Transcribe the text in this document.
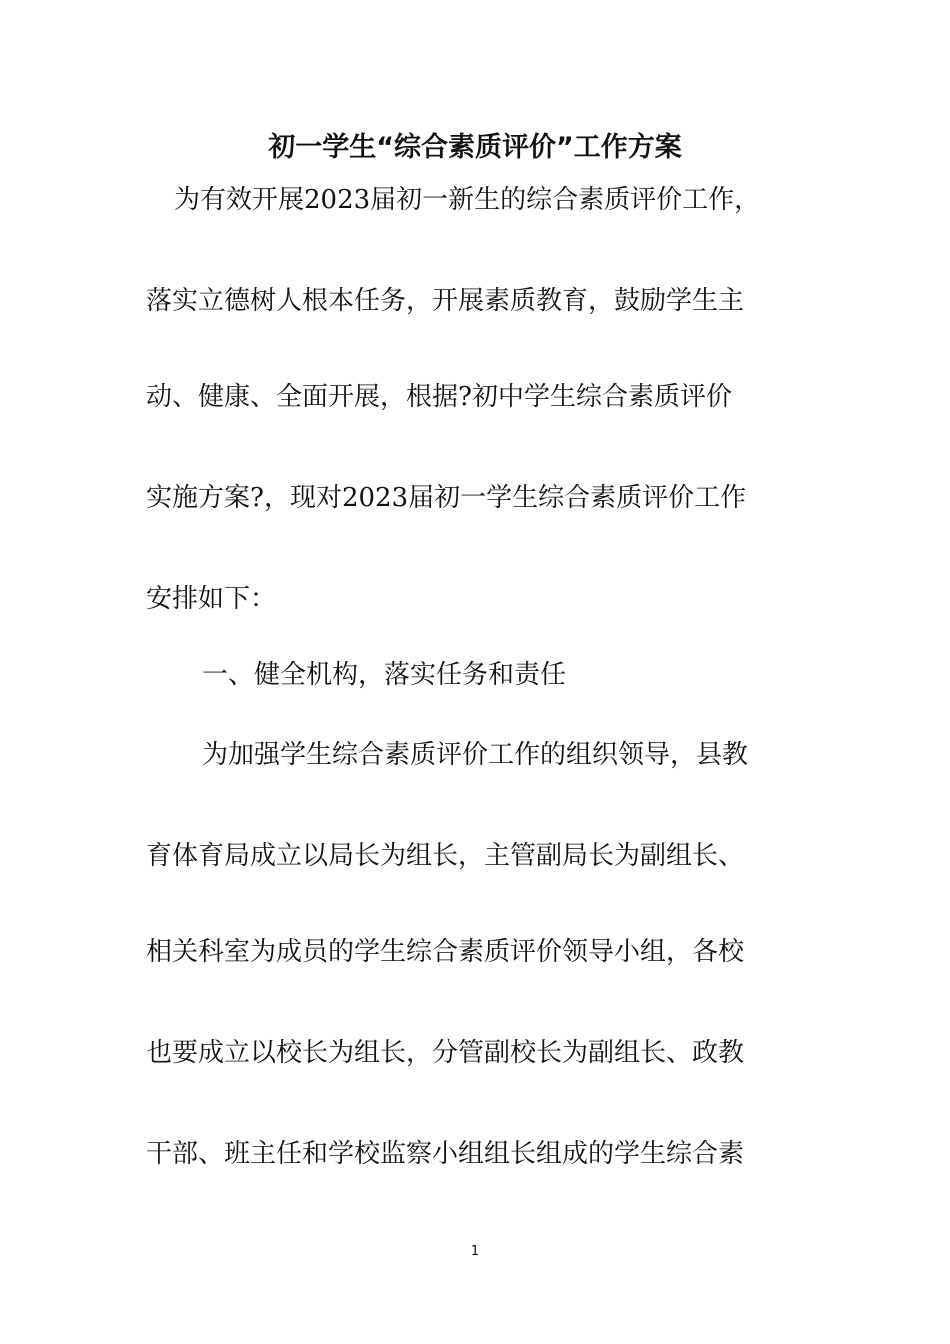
初一学生“综合素质评价”工作方案

为有效开展2023届初一新生的综合素质评价工作，

落实立德树人根本任务，开展素质教育，鼓励学生主

动、健康、全面开展，根据?初中学生综合素质评价

实施方案?，现对2023届初一学生综合素质评价工作

安排如下：

一、健全机构，落实任务和责任

为加强学生综合素质评价工作的组织领导，县教

育体育局成立以局长为组长，主管副局长为副组长、

相关科室为成员的学生综合素质评价领导小组，各校

也要成立以校长为组长，分管副校长为副组长、政教

干部、班主任和学校监察小组组长组成的学生综合素

1
